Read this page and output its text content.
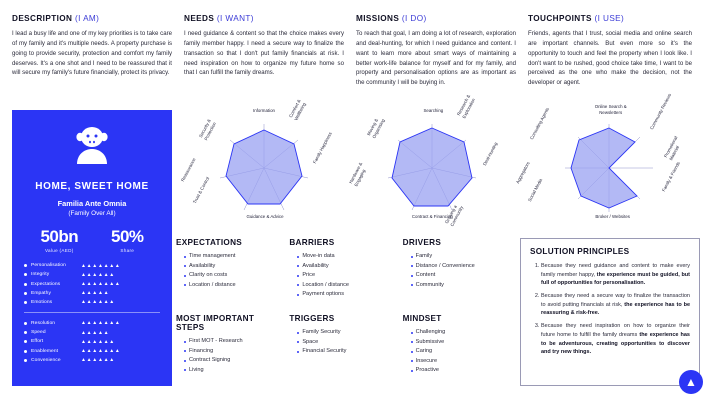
DESCRIPTION (I AM)
I lead a busy life and one of my key priorities is to take care of my family and it's multiple needs. A property purchase is going to provide security, protection and comfort my family deserves. It's a one shot and I need to be reassured that it will secure my family's future financially, protect its privacy.
NEEDS (I WANT)
I need guidance & content so that the choice makes every family member happy. I need a secure way to finalize the transaction so that I don't put family financials at risk. I need inspiration on how to organize my future home so that I can fulfill the family dreams.
MISSIONS (I DO)
To reach that goal, I am doing a lot of research, exploration and deal-hunting, for which I need guidance and content. I want to learn more about smart ways of maintaining a better work-life balance for myself and for my family, and property and personalisation options are as important as the community I will be buying in.
TOUCHPOINTS (I USE)
Friends, agents that I trust, social media and online search are important channels. But even more so it's the opportunity to touch and feel the property when I look like. I don't want to be rushed, good choice take time, I want to be perceived as the one who make the decision, not the developer or agent.
HOME, SWEET HOME
Familia Ante Omnia
(Family Over All)
50bn
Value (AED)
50%
Share
Personalisation	▲▲▲▲▲▲▲
Integrity	▲▲▲▲▲▲
Expectations	▲▲▲▲▲▲▲
Empathy	▲▲▲▲▲
Emotions	▲▲▲▲▲▲
Resolution	▲▲▲▲▲▲▲
Speed	▲▲▲▲▲
Effort	▲▲▲▲▲▲
Enablement	▲▲▲▲▲▲▲
Convenience	▲▲▲▲▲▲
Information	Comfort & Wellbeing
Family Happiness
Guidance & Advice
Trust & Control
Reassurance
Security & Protection
Searching	Research & Exploration
Deal-Hunting
Growing a Community
Contract & Financing
Hardware & Engaging
Moving & Organising
Online Search & Newsletters	Community Reviews
Promotional Material
Family & Friends
Broker / Websites
Social Media
Aggregators
Consulting Agents
EXPECTATIONS
Time management
Availability
Clarity on costs
Location / distance
BARRIERS
Move-in data
Availability
Price
Location / distance
Payment options
DRIVERS
Family
Distance / Convenience
Content
Community
MOST IMPORTANT STEPS
First MOT - Research
Financing
Contract Signing
Living
TRIGGERS
Family Security
Space
Financial Security
MINDSET
Challenging
Submissive
Caring
Insecure
Proactive
SOLUTION PRINCIPLES
1. Because they need guidance and content to make every family member happy, the experience must be guided, but full of opportunities for personalisation.
2. Because they need a secure way to finalize the transaction to avoid putting financials at risk, the experience has to be reassuring & risk-free.
3. Because they need inspiration on how to organize their future home to fulfill the family dreams the experience has to be adventurous, creating opportunities to discover and try new things.
▲
